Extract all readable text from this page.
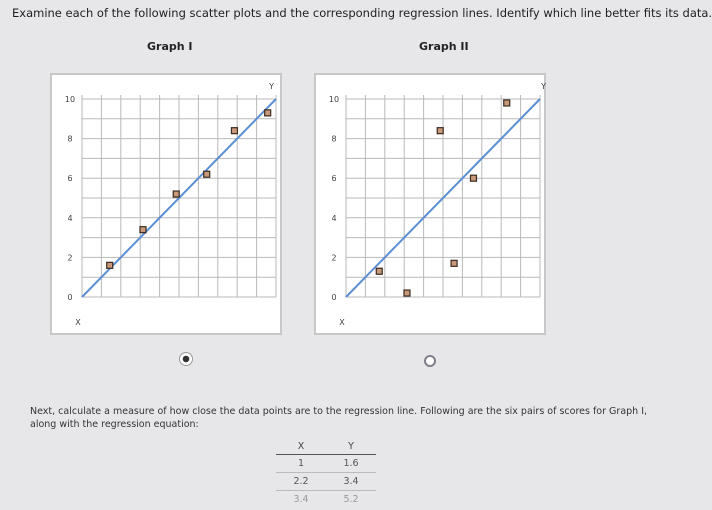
Examine each of the following scatter plots and the corresponding regression lines. Identify which line better fits its data.

Graph I	Graph II

10
8
6
4
2
0
Y
X
10
8
6
4
2
0
Y
X

Next, calculate a measure of how close the data points are to the regression line. Following are the six pairs of scores for Graph I, along with the regression equation:

X	Y
1	1.6
2.2	3.4
3.4	5.2
